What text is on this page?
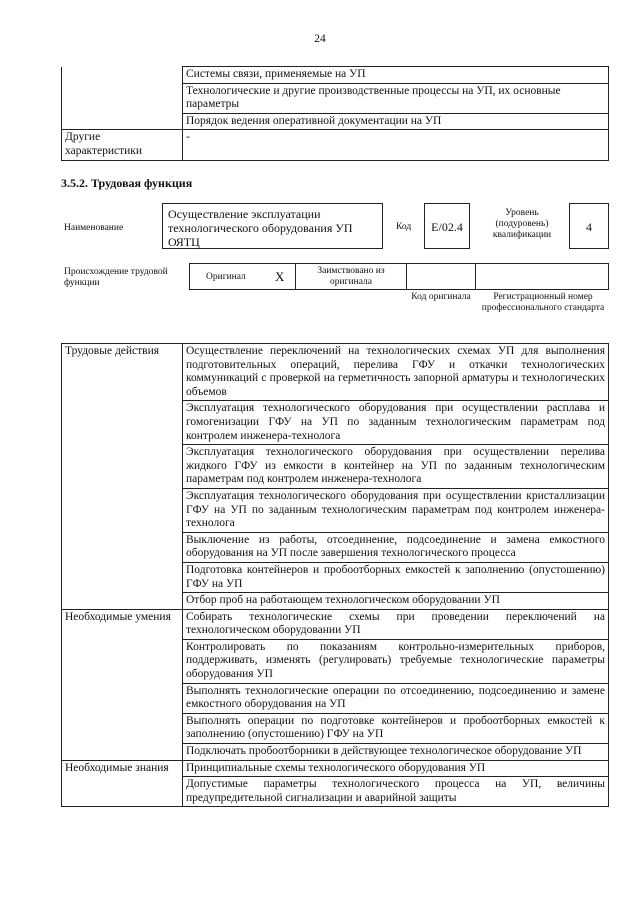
24
	Системы связи, применяемые на УП
	Технологические и другие производственные процессы на УП, их основные параметры
	Порядок ведения оперативной документации на УП
Другие характеристики	-
3.5.2. Трудовая функция
Наименование
Осуществление эксплуатации технологического оборудования УП ОЯТЦ
Код	E/02.4
Уровень (подуровень) квалификации
4
Происхождение трудовой функции
Оригинал X	Заимствовано из оригинала
Код оригинала	Регистрационный номер профессионального стандарта
Трудовые действия	Осуществление переключений на технологических схемах УП для выполнения подготовительных операций, перелива ГФУ и откачки технологических коммуникаций с проверкой на герметичность запорной арматуры и технологических объемов
	Эксплуатация технологического оборудования при осуществлении расплава и гомогенизации ГФУ на УП по заданным технологическим параметрам под контролем инженера-технолога
	Эксплуатация технологического оборудования при осуществлении перелива жидкого ГФУ из емкости в контейнер на УП по заданным технологическим параметрам под контролем инженера-технолога
	Эксплуатация технологического оборудования при осуществлении кристаллизации ГФУ на УП по заданным технологическим параметрам под контролем инженера-технолога
	Выключение из работы, отсоединение, подсоединение и замена емкостного оборудования на УП после завершения технологического процесса
	Подготовка контейнеров и пробоотборных емкостей к заполнению (опустошению) ГФУ на УП
	Отбор проб на работающем технологическом оборудовании УП
Необходимые умения	Собирать технологические схемы при проведении переключений на технологическом оборудовании УП
	Контролировать по показаниям контрольно-измерительных приборов, поддерживать, изменять (регулировать) требуемые технологические параметры оборудования УП
	Выполнять технологические операции по отсоединению, подсоединению и замене емкостного оборудования на УП
	Выполнять операции по подготовке контейнеров и пробоотборных емкостей к заполнению (опустошению) ГФУ на УП
	Подключать пробоотборники в действующее технологическое оборудование УП
Необходимые знания	Принципиальные схемы технологического оборудования УП
	Допустимые параметры технологического процесса на УП, величины предупредительной сигнализации и аварийной защиты
